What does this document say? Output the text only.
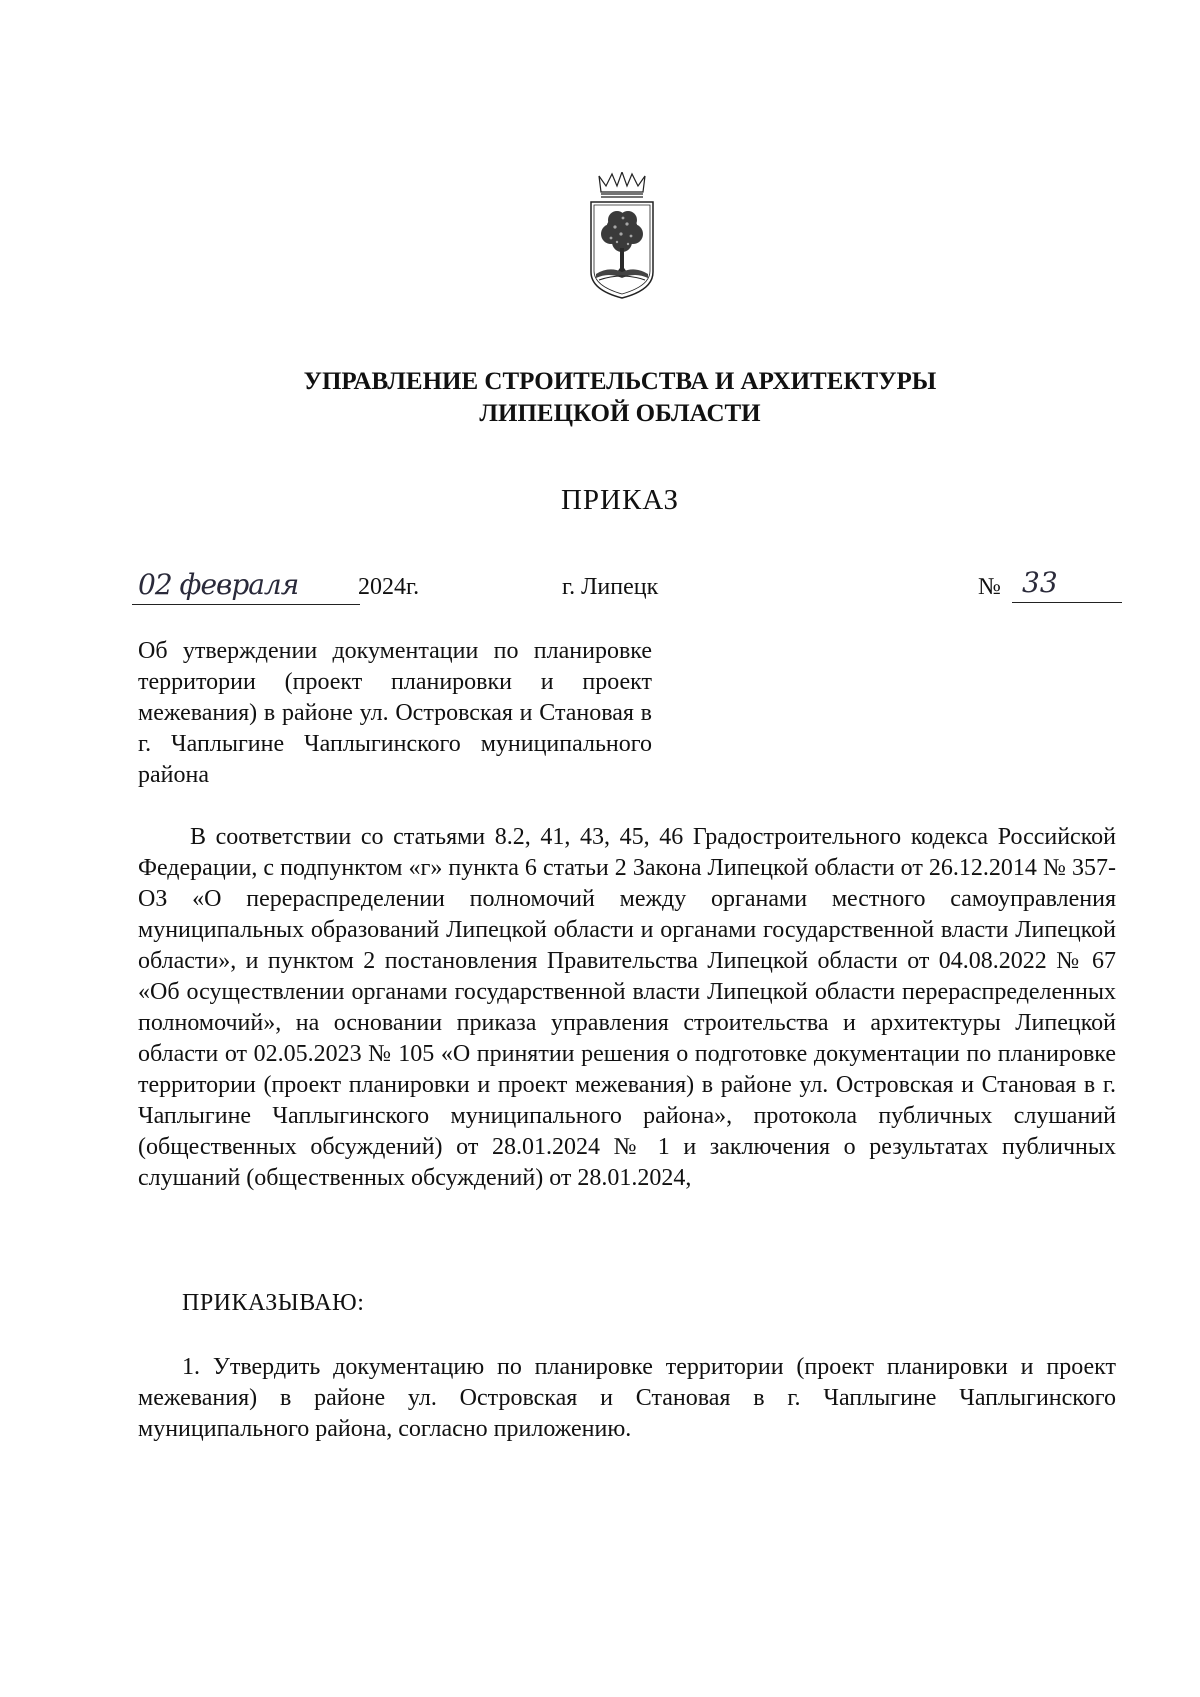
УПРАВЛЕНИЕ СТРОИТЕЛЬСТВА И АРХИТЕКТУРЫ
ЛИПЕЦКОЙ ОБЛАСТИ
ПРИКАЗ
02 февраля	2024г.	г. Липецк	№ 33
Об утверждении документации по планировке территории (проект планировки и проект межевания) в районе ул. Островская и Становая в г. Чаплыгине Чаплыгинского муниципального района
В соответствии со статьями 8.2, 41, 43, 45, 46 Градостроительного кодекса Российской Федерации, с подпунктом «г» пункта 6 статьи 2 Закона Липецкой области от 26.12.2014 № 357-ОЗ «О перераспределении полномочий между органами местного самоуправления муниципальных образований Липецкой области и органами государственной власти Липецкой области», и пунктом 2 постановления Правительства Липецкой области от 04.08.2022 № 67 «Об осуществлении органами государственной власти Липецкой области перераспределенных полномочий», на основании приказа управления строительства и архитектуры Липецкой области от 02.05.2023 № 105 «О принятии решения о подготовке документации по планировке территории (проект планировки и проект межевания) в районе ул. Островская и Становая в г. Чаплыгине Чаплыгинского муниципального района», протокола публичных слушаний (общественных обсуждений) от 28.01.2024 № 1 и заключения о результатах публичных слушаний (общественных обсуждений) от 28.01.2024,
ПРИКАЗЫВАЮ:
1. Утвердить документацию по планировке территории (проект планировки и проект межевания) в районе ул. Островская и Становая в г. Чаплыгине Чаплыгинского муниципального района, согласно приложению.
